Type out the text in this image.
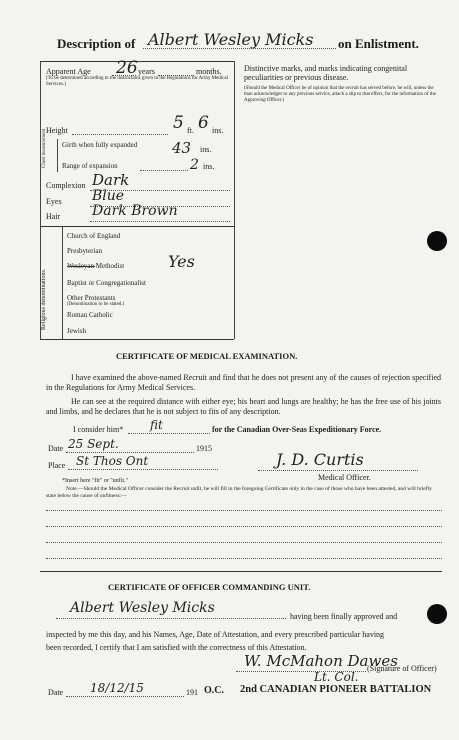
Description of Albert Wesley Micks on Enlistment.
Apparent Age 26 years	months.
(To be determined according to the instructions given in the Regulations for Army Medical Services.)
Height	5 ft. 6 ins.
Chest measurement Girth when fully expanded 43 ins.
Range of expansion	2 ins.
Complexion Dark
Eyes Blue
Hair Dark Brown
Religious denominations.
Church of England
Presbyterian
Wesleyan Methodist	Yes
Baptist or Congregationalist
Other Protestants
(Denomination to be stated.)
Roman Catholic
Jewish
Distinctive marks, and marks indicating congenital peculiarities or previous disease.
(Should the Medical Officer be of opinion that the recruit has served before, he will, unless the man acknowledges to any previous service, attach a slip to that effect, for the information of the Approving Officer.)
CERTIFICATE OF MEDICAL EXAMINATION.
I have examined the above-named Recruit and find that he does not present any of the causes of rejection specified in the Regulations for Army Medical Services.
He can see at the required distance with either eye; his heart and lungs are healthy; he has the free use of his joints and limbs, and he declares that he is not subject to fits of any description.
I consider him* fit	for the Canadian Over-Seas Expeditionary Force.
Date 25 Sept.	1915
Place St Thos Ont	J. D. Curtis
Medical Officer.
*Insert here "fit" or "unfit."
Note.—Should the Medical Officer consider the Recruit unfit, he will fill in the foregoing Certificate only in the case of those who have been attested, and will briefly state below the cause of unfitness:—
CERTIFICATE OF OFFICER COMMANDING UNIT.
Albert Wesley Micks
having been finally approved and
inspected by me this day, and his Names, Age, Date of Attestation, and every prescribed particular having
been recorded, I certify that I am satisfied with the correctness of this Attestation.
W. McMahon Dawes
(Signature of Officer)
Lt. Col.
Date 18/12/15	191 O.C. 2nd CANADIAN PIONEER BATTALION
